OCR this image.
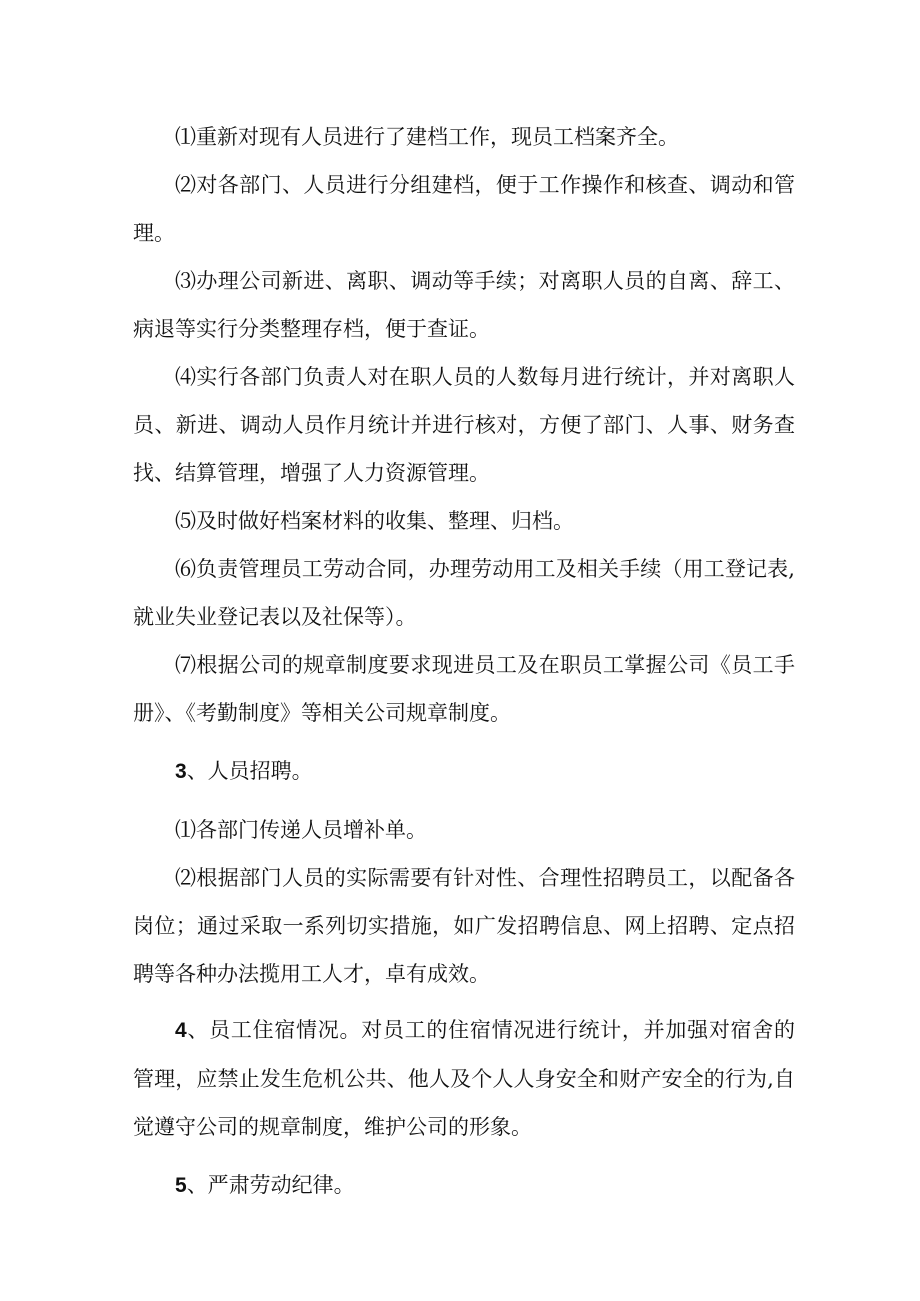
⑴重新对现有人员进行了建档工作，现员工档案齐全。

⑵对各部门、人员进行分组建档，便于工作操作和核查、调动和管理。

⑶办理公司新进、离职、调动等手续；对离职人员的自离、辞工、病退等实行分类整理存档，便于查证。

⑷实行各部门负责人对在职人员的人数每月进行统计，并对离职人员、新进、调动人员作月统计并进行核对，方便了部门、人事、财务查找、结算管理，增强了人力资源管理。

⑸及时做好档案材料的收集、整理、归档。

⑹负责管理员工劳动合同，办理劳动用工及相关手续（用工登记表,就业失业登记表以及社保等）。

⑺根据公司的规章制度要求现进员工及在职员工掌握公司《员工手册》、《考勤制度》等相关公司规章制度。

3、人员招聘。

⑴各部门传递人员增补单。

⑵根据部门人员的实际需要有针对性、合理性招聘员工，以配备各岗位；通过采取一系列切实措施，如广发招聘信息、网上招聘、定点招聘等各种办法揽用工人才，卓有成效。

4、员工住宿情况。对员工的住宿情况进行统计，并加强对宿舍的管理，应禁止发生危机公共、他人及个人人身安全和财产安全的行为,自觉遵守公司的规章制度，维护公司的形象。

5、严肃劳动纪律。
